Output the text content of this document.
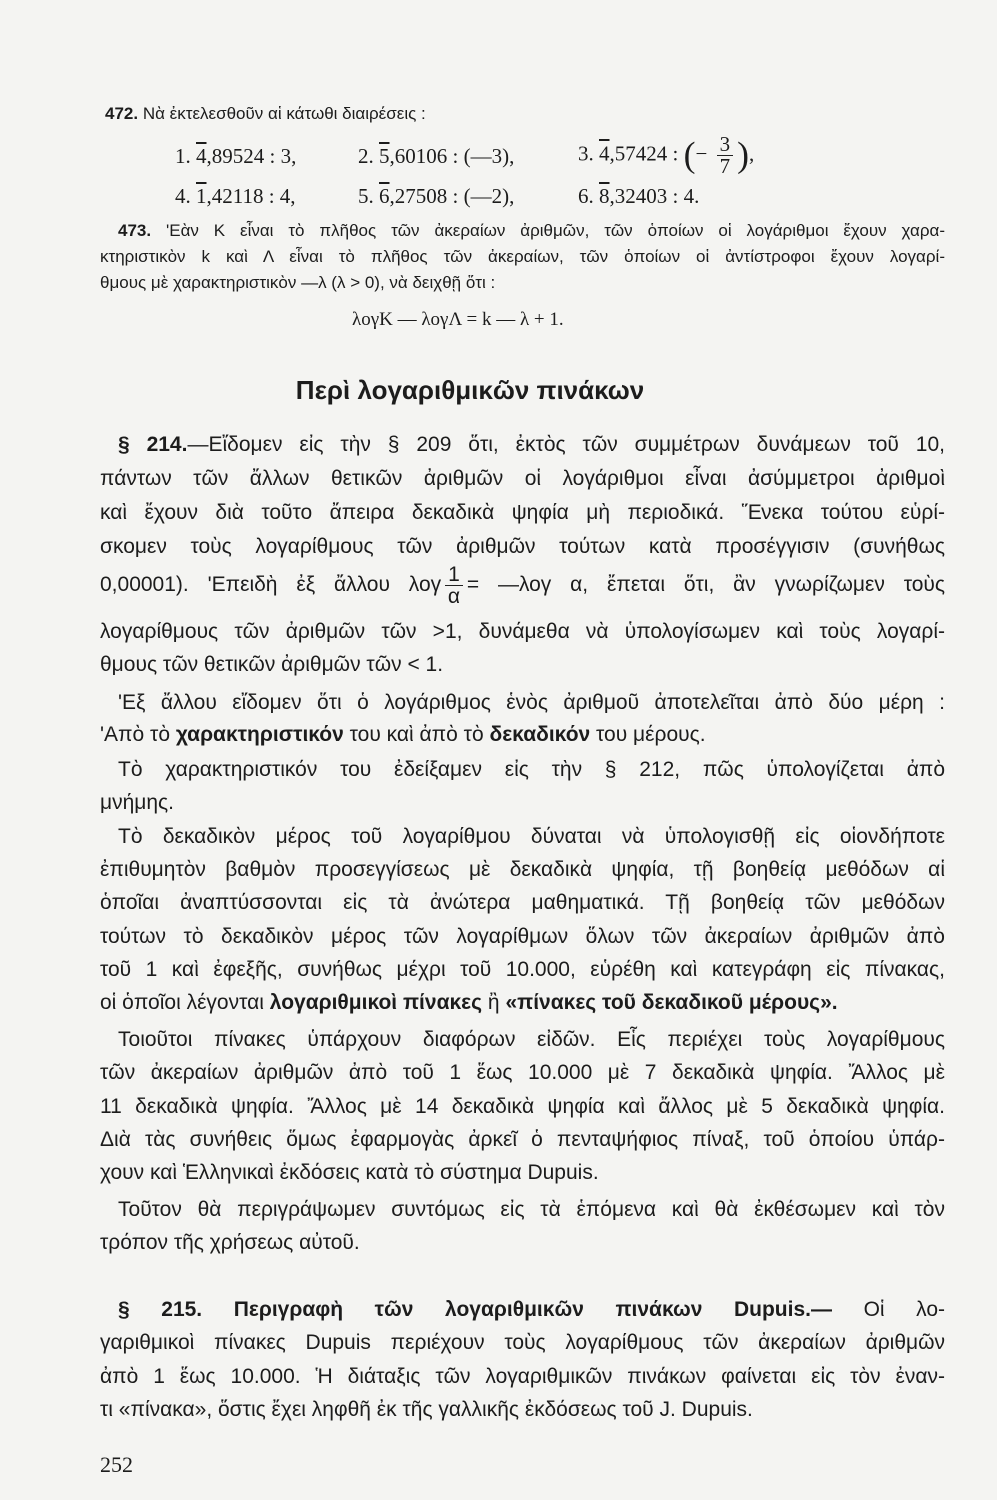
472. Νὰ ἐκτελεσθοῦν αἱ κάτωθι διαιρέσεις :
1. 4,89524 : 3,	2. 5,60106 : (—3),	3. 4,57424 : (− $\frac{3}{7}$ ),
4. 1,42118 : 4,	5. 6,27508 : (—2),	6. 8,32403 : 4.
473. 'Εὰν Κ εἶναι τὸ πλῆθος τῶν ἀκεραίων ἀριθμῶν, τῶν ὁποίων οἱ λογάριθμοι ἔχουν χαρα-
κτηριστικὸν k καὶ Λ εἶναι τὸ πλῆθος τῶν ἀκεραίων, τῶν ὁποίων οἱ ἀντίστροφοι ἔχουν λογαρί-
θμους μὲ χαρακτηριστικὸν —λ (λ > 0), νὰ δειχθῇ ὅτι :
λογΚ — λογΛ = k — λ + 1.
Περὶ λογαριθμικῶν πινάκων
§ 214.—Εἴδομεν εἰς τὴν § 209 ὅτι, ἐκτὸς τῶν συμμέτρων δυνάμεων τοῦ 10,
πάντων τῶν ἄλλων θετικῶν ἀριθμῶν οἱ λογάριθμοι εἶναι ἀσύμμετροι ἀριθμοὶ
καὶ ἔχουν διὰ τοῦτο ἄπειρα δεκαδικὰ ψηφία μὴ περιοδικά. Ἕνεκα τούτου εὑρί-
σκομεν τοὺς λογαρίθμους τῶν ἀριθμῶν τούτων κατὰ προσέγγισιν (συνήθως
0,00001). 'Επειδὴ ἐξ ἄλλου λογ $\frac{1}{\alpha}$ = —λογ α, ἔπεται ὅτι, ἂν γνωρίζωμεν τοὺς
λογαρίθμους τῶν ἀριθμῶν τῶν >1, δυνάμεθα νὰ ὑπολογίσωμεν καὶ τοὺς λογαρί-
θμους τῶν θετικῶν ἀριθμῶν τῶν < 1.
'Εξ ἄλλου εἴδομεν ὅτι ὁ λογάριθμος ἑνὸς ἀριθμοῦ ἀποτελεῖται ἀπὸ δύο μέρη :
'Απὸ τὸ χαρακτηριστικόν του καὶ ἀπὸ τὸ δεκαδικόν του μέρους.
Τὸ χαρακτηριστικόν του ἐδείξαμεν εἰς τὴν § 212, πῶς ὑπολογίζεται ἀπὸ
μνήμης.
Τὸ δεκαδικὸν μέρος τοῦ λογαρίθμου δύναται νὰ ὑπολογισθῇ εἰς οἱονδήποτε
ἐπιθυμητὸν βαθμὸν προσεγγίσεως μὲ δεκαδικὰ ψηφία, τῇ βοηθείᾳ μεθόδων αἱ
ὁποῖαι ἀναπτύσσονται εἰς τὰ ἀνώτερα μαθηματικά. Τῇ βοηθείᾳ τῶν μεθόδων
τούτων τὸ δεκαδικὸν μέρος τῶν λογαρίθμων ὅλων τῶν ἀκεραίων ἀριθμῶν ἀπὸ
τοῦ 1 καὶ ἐφεξῆς, συνήθως μέχρι τοῦ 10.000, εὑρέθη καὶ κατεγράφη εἰς πίνακας,
οἱ ὁποῖοι λέγονται λογαριθμικοὶ πίνακες ἢ «πίνακες τοῦ δεκαδικοῦ μέρους».
Τοιοῦτοι πίνακες ὑπάρχουν διαφόρων εἰδῶν. Εἷς περιέχει τοὺς λογαρίθμους
τῶν ἀκεραίων ἀριθμῶν ἀπὸ τοῦ 1 ἕως 10.000 μὲ 7 δεκαδικὰ ψηφία. Ἄλλος μὲ
11 δεκαδικὰ ψηφία. Ἄλλος μὲ 14 δεκαδικὰ ψηφία καὶ ἄλλος μὲ 5 δεκαδικὰ ψηφία.
Διὰ τὰς συνήθεις ὅμως ἐφαρμογὰς ἀρκεῖ ὁ πενταψήφιος πίναξ, τοῦ ὁποίου ὑπάρ-
χουν καὶ Ἑλληνικαὶ ἐκδόσεις κατὰ τὸ σύστημα Dupuis.
Τοῦτον θὰ περιγράψωμεν συντόμως εἰς τὰ ἑπόμενα καὶ θὰ ἐκθέσωμεν καὶ τὸν
τρόπον τῆς χρήσεως αὐτοῦ.
§ 215. Περιγραφὴ τῶν λογαριθμικῶν πινάκων Dupuis.— Οἱ λο-
γαριθμικοὶ πίνακες Dupuis περιέχουν τοὺς λογαρίθμους τῶν ἀκεραίων ἀριθμῶν
ἀπὸ 1 ἕως 10.000. Ἡ διάταξις τῶν λογαριθμικῶν πινάκων φαίνεται εἰς τὸν ἐναν-
τι «πίνακα», ὅστις ἔχει ληφθῆ ἐκ τῆς γαλλικῆς ἐκδόσεως τοῦ J. Dupuis.
252
